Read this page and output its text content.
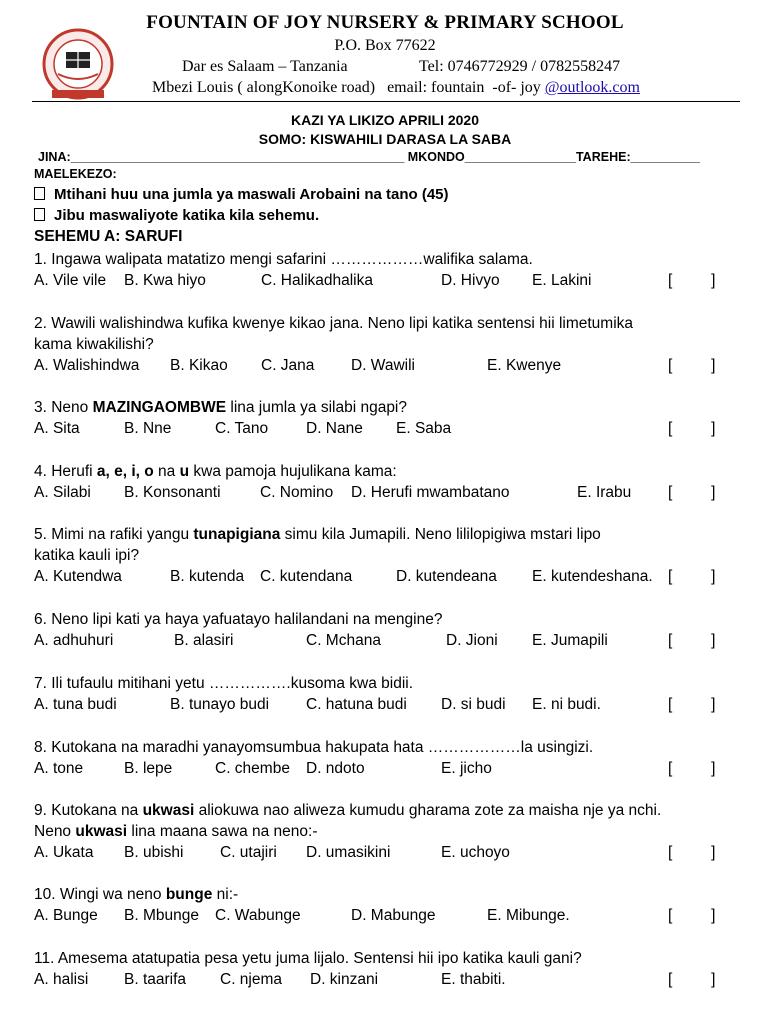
FOUNTAIN OF JOY NURSERY & PRIMARY SCHOOL
P.O. Box 77622
Dar es Salaam – Tanzania	Tel: 0746772929 / 0782558247
Mbezi Louis ( alongKonoike road) email: fountain  -of- joy @outlook.com
KAZI YA LIKIZO APRILI 2020
SOMO: KISWAHILI DARASA LA SABA
JINA:________________________________________________ MKONDO________________TAREHE:__________
MAELEKEZO:
Mtihani huu una jumla ya maswali Arobaini na tano (45)
Jibu maswaliyote katika kila sehemu.
SEHEMU A: SARUFI
1. Ingawa walipata matatizo mengi safarini ………………walifika salama.
A. Vile vile B. Kwa hiyo	C. Halikadhalika	D. Hivyo E. Lakini	[         ]
2. Wawili walishindwa kufika kwenye kikao jana. Neno lipi katika sentensi hii limetumika
kama kiwakilishi?
A. Walishindwa B. Kikao C. Jana D. Wawili	E. Kwenye	[         ]
3. Neno MAZINGAOMBWE lina jumla ya silabi ngapi?
A. Sita	B. Nne	C. Tano D. Nane E. Saba	[         ]
4. Herufi a, e, i, o na u kwa pamoja hujulikana kama:
A. Silabi B. Konsonanti	C. Nomino D. Herufi mwambatano	E. Irabu [         ]
5. Mimi na rafiki yangu tunapigiana simu kila Jumapili. Neno lililopigiwa mstari lipo
katika kauli ipi?
A. Kutendwa	B. kutenda C. kutendana	D. kutendeana E. kutendeshana. [         ]
6. Neno lipi kati ya haya yafuatayo halilandani na mengine?
A. adhuhuri	B. alasiri	C. Mchana	D. Jioni E. Jumapili	[         ]
7. Ili tufaulu mitihani yetu …………….kusoma kwa bidii.
A. tuna budi	B. tunayo budi C. hatuna budi D. si budi E. ni budi.	[         ]
8. Kutokana na maradhi yanayomsumbua hakupata hata ………………la usingizi.
A. tone	B. lepe	C. chembe D. ndoto	E. jicho	[         ]
9. Kutokana na ukwasi aliokuwa nao aliweza kumudu gharama zote za maisha nje ya nchi.
Neno ukwasi lina maana sawa na neno:-
A. Ukata B. ubishi C. utajiri D. umasikini	E. uchoyo	[         ]
10. Wingi wa neno bunge ni:-
A. Bunge B. Mbunge C. Wabunge	D. Mabunge	E. Mibunge.	[         ]
11. Amesema atatupatia pesa yetu juma lijalo. Sentensi hii ipo katika kauli gani?
A. halisi B. taarifa C. njema D. kinzani	E. thabiti.	[         ]
